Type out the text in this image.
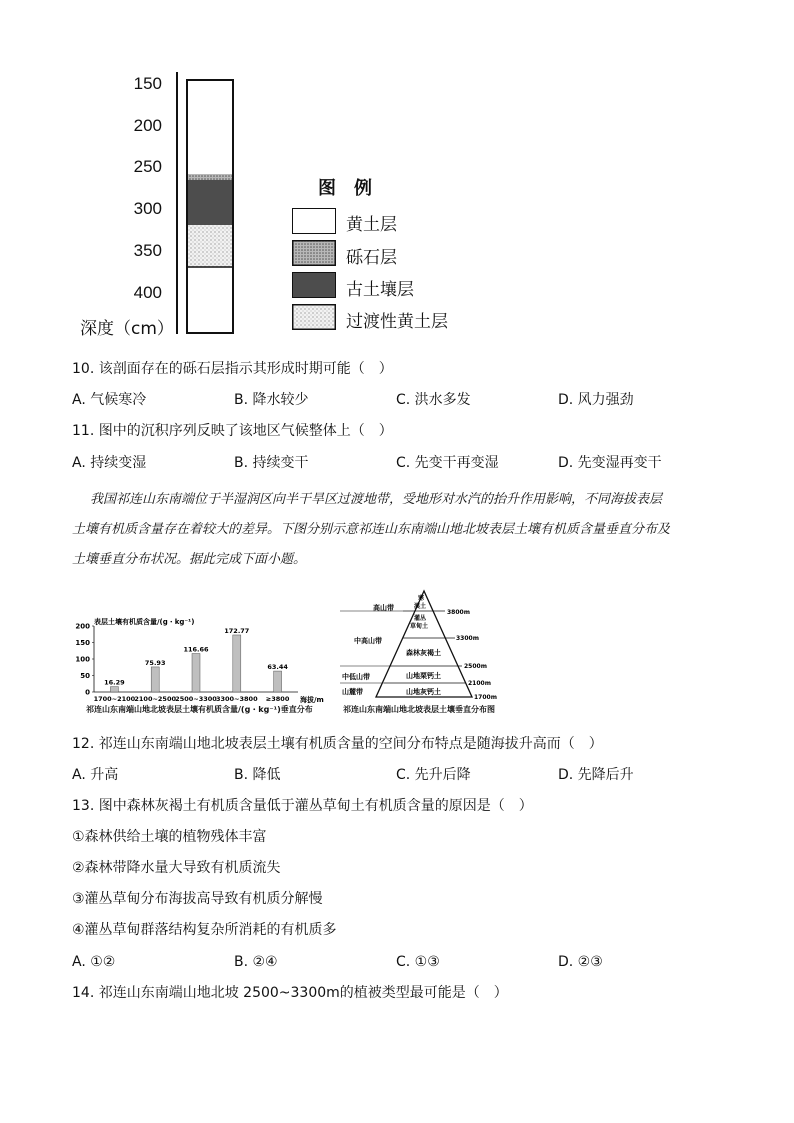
150
200
250
300
350
400
深度（cm）
图　例
黄土层
砾石层
古土壤层
过渡性黄土层
10. 该剖面存在的砾石层指示其形成时期可能（　）
A. 气候寒冷	B. 降水较少	C. 洪水多发	D. 风力强劲
11. 图中的沉积序列反映了该地区气候整体上（　）
A. 持续变湿	B. 持续变干	C. 先变干再变湿	D. 先变湿再变干
我国祁连山东南端位于半湿润区向半干旱区过渡地带，受地形对水汽的抬升作用影响，不同海拔表层
土壤有机质含量存在着较大的差异。下图分别示意祁连山东南端山地北坡表层土壤有机质含量垂直分布及
土壤垂直分布状况。据此完成下面小题。
表层土壤有机质含量/(g・kg⁻¹)
0
50
100
150
200
16.29
75.93
116.66
172.77
63.44
1700~2100 2100~2500 2500~3300 3300~3800 ≥3800 海拔/m
祁连山东南端山地北坡表层土壤有机质含量/(g・kg⁻¹)垂直分布
高山带
中高山带
中低山带
山麓带
寒漠土
灌丛草甸土
森林灰褐土
山地栗钙土
山地灰钙土
3800m
3300m
2500m
2100m
1700m
祁连山东南端山地北坡表层土壤垂直分布图
12. 祁连山东南端山地北坡表层土壤有机质含量的空间分布特点是随海拔升高而（　）
A. 升高	B. 降低	C. 先升后降	D. 先降后升
13. 图中森林灰褐土有机质含量低于灌丛草甸土有机质含量的原因是（　）
①森林供给土壤的植物残体丰富
②森林带降水量大导致有机质流失
③灌丛草甸分布海拔高导致有机质分解慢
④灌丛草甸群落结构复杂所消耗的有机质多
A. ①②	B. ②④	C. ①③	D. ②③
14. 祁连山东南端山地北坡 2500~3300m的植被类型最可能是（　）
